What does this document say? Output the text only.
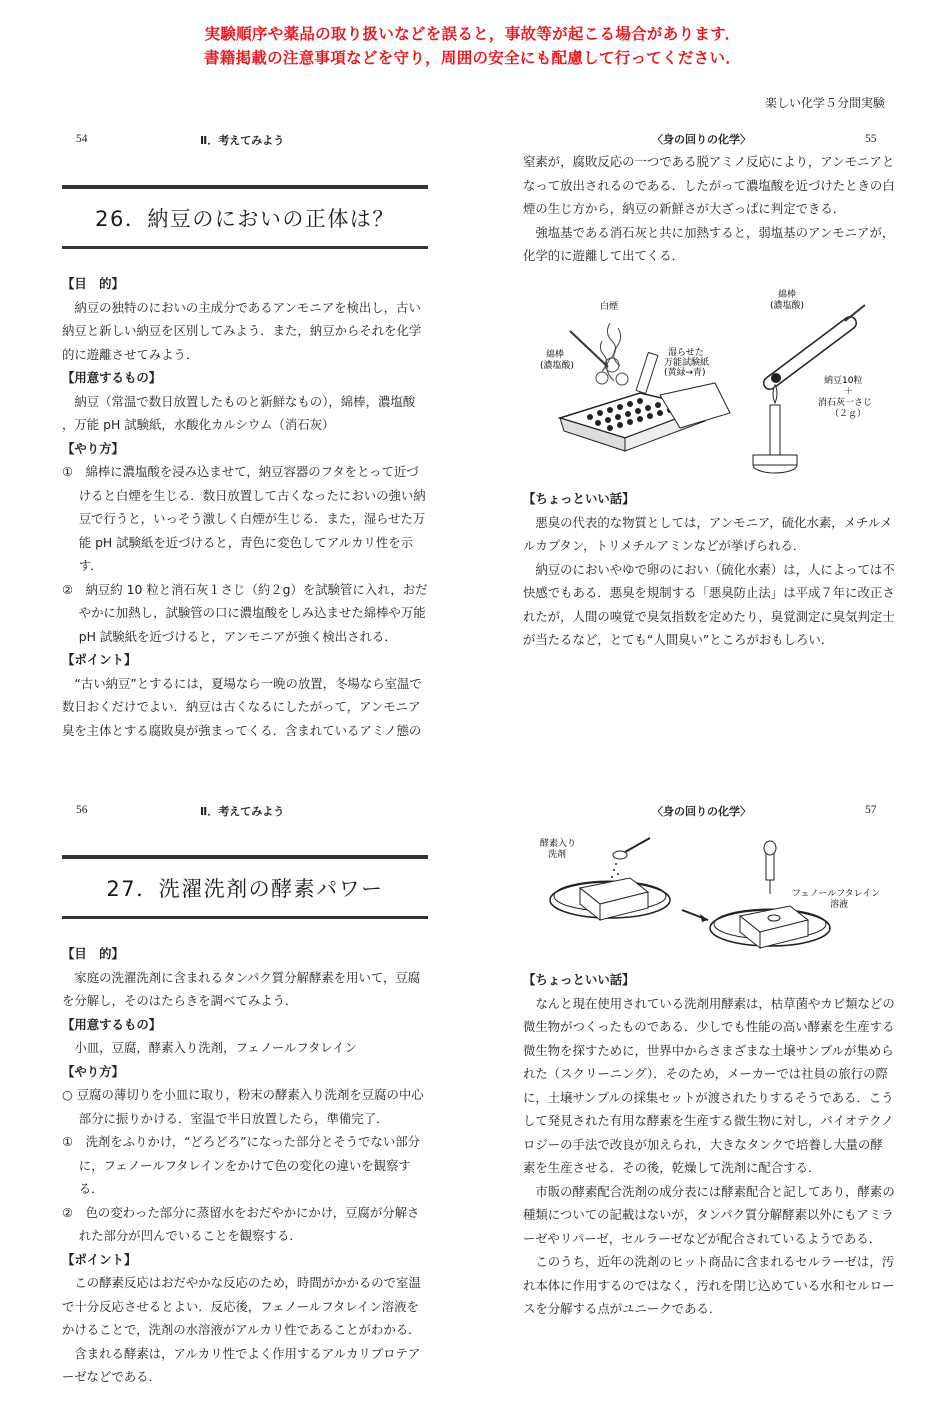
実験順序や薬品の取り扱いなどを誤ると，事故等が起こる場合があります．
書籍掲載の注意事項などを守り，周囲の安全にも配慮して行ってください．
楽しい化学５分間実験
54	Ⅱ．考えてみよう	〈身の回りの化学〉	55
26．納豆のにおいの正体は？

【目　的】

納豆の独特のにおいの主成分であるアンモニアを検出し，古い納豆と新しい納豆を区別してみよう．また，納豆からそれを化学的に遊離させてみよう．

【用意するもの】

納豆（常温で数日放置したものと新鮮なもの），綿棒，濃塩酸

，万能 pH 試験紙，水酸化カルシウム（消石灰）

【やり方】

①　綿棒に濃塩酸を浸み込ませて，納豆容器のフタをとって近づけると白煙を生じる．数日放置して古くなったにおいの強い納豆で行うと，いっそう激しく白煙が生じる．また，湿らせた万能 pH 試験紙を近づけると，青色に変色してアルカリ性を示す．

②　納豆約 10 粒と消石灰１さじ（約２g）を試験管に入れ，おだやかに加熱し，試験管の口に濃塩酸をしみ込ませた綿棒や万能 pH 試験紙を近づけると，アンモニアが強く検出される．

【ポイント】

“古い納豆”とするには，夏場なら一晩の放置，冬場なら室温で数日おくだけでよい．納豆は古くなるにしたがって，アンモニア臭を主体とする腐敗臭が強まってくる．含まれているアミノ態の

窒素が，腐敗反応の一つである脱アミノ反応により，アンモニアとなって放出されるのである．したがって濃塩酸を近づけたときの白煙の生じ方から，納豆の新鮮さが大ざっぱに判定できる．

強塩基である消石灰と共に加熱すると，弱塩基のアンモニアが，化学的に遊離して出てくる．

白煙
綿棒(濃塩酸)
湿らせた万能試験紙(黄緑→青)
綿棒(濃塩酸)
納豆10粒＋消石灰一さじ（２ｇ）

【ちょっといい話】

悪臭の代表的な物質としては，アンモニア，硫化水素，メチルメルカプタン，トリメチルアミンなどが挙げられる．

納豆のにおいやゆで卵のにおい（硫化水素）は，人によっては不快感でもある．悪臭を規制する「悪臭防止法」は平成７年に改正されたが，人間の嗅覚で臭気指数を定めたり，臭覚測定に臭気判定士が当たるなど，とても“人間臭い”ところがおもしろい．

56	Ⅱ．考えてみよう	〈身の回りの化学〉	57
27．洗濯洗剤の酵素パワー

【目　的】

家庭の洗濯洗剤に含まれるタンパク質分解酵素を用いて，豆腐を分解し，そのはたらきを調べてみよう．

【用意するもの】

小皿，豆腐，酵素入り洗剤，フェノールフタレイン

【やり方】

○ 豆腐の薄切りを小皿に取り，粉末の酵素入り洗剤を豆腐の中心部分に振りかける．室温で半日放置したら，準備完了．

①　洗剤をふりかけ，“どろどろ”になった部分とそうでない部分に，フェノールフタレインをかけて色の変化の違いを観察する．

②　色の変わった部分に蒸留水をおだやかにかけ，豆腐が分解された部分が凹んでいることを観察する．

【ポイント】

この酵素反応はおだやかな反応のため，時間がかかるので室温で十分反応させるとよい．反応後，フェノールフタレイン溶液をかけることで，洗剤の水溶液がアルカリ性であることがわかる．

含まれる酵素は，アルカリ性でよく作用するアルカリプロテアーゼなどである．

酵素入り洗剤
フェノールフタレイン溶液

【ちょっといい話】

なんと現在使用されている洗剤用酵素は，枯草菌やカビ類などの微生物がつくったものである．少しでも性能の高い酵素を生産する微生物を探すために，世界中からさまざまな土壌サンプルが集められた（スクリーニング）．そのため，メーカーでは社員の旅行の際に，土壌サンプルの採集セットが渡されたりするそうである．こうして発見された有用な酵素を生産する微生物に対し，バイオテクノロジーの手法で改良が加えられ，大きなタンクで培養し大量の酵素を生産させる．その後，乾燥して洗剤に配合する．

市販の酵素配合洗剤の成分表には酵素配合と記してあり，酵素の種類についての記載はないが，タンパク質分解酵素以外にもアミラーゼやリパーゼ，セルラーゼなどが配合されているようである．

このうち，近年の洗剤のヒット商品に含まれるセルラーゼは，汚れ本体に作用するのではなく，汚れを閉じ込めている水和セルロースを分解する点がユニークである．
